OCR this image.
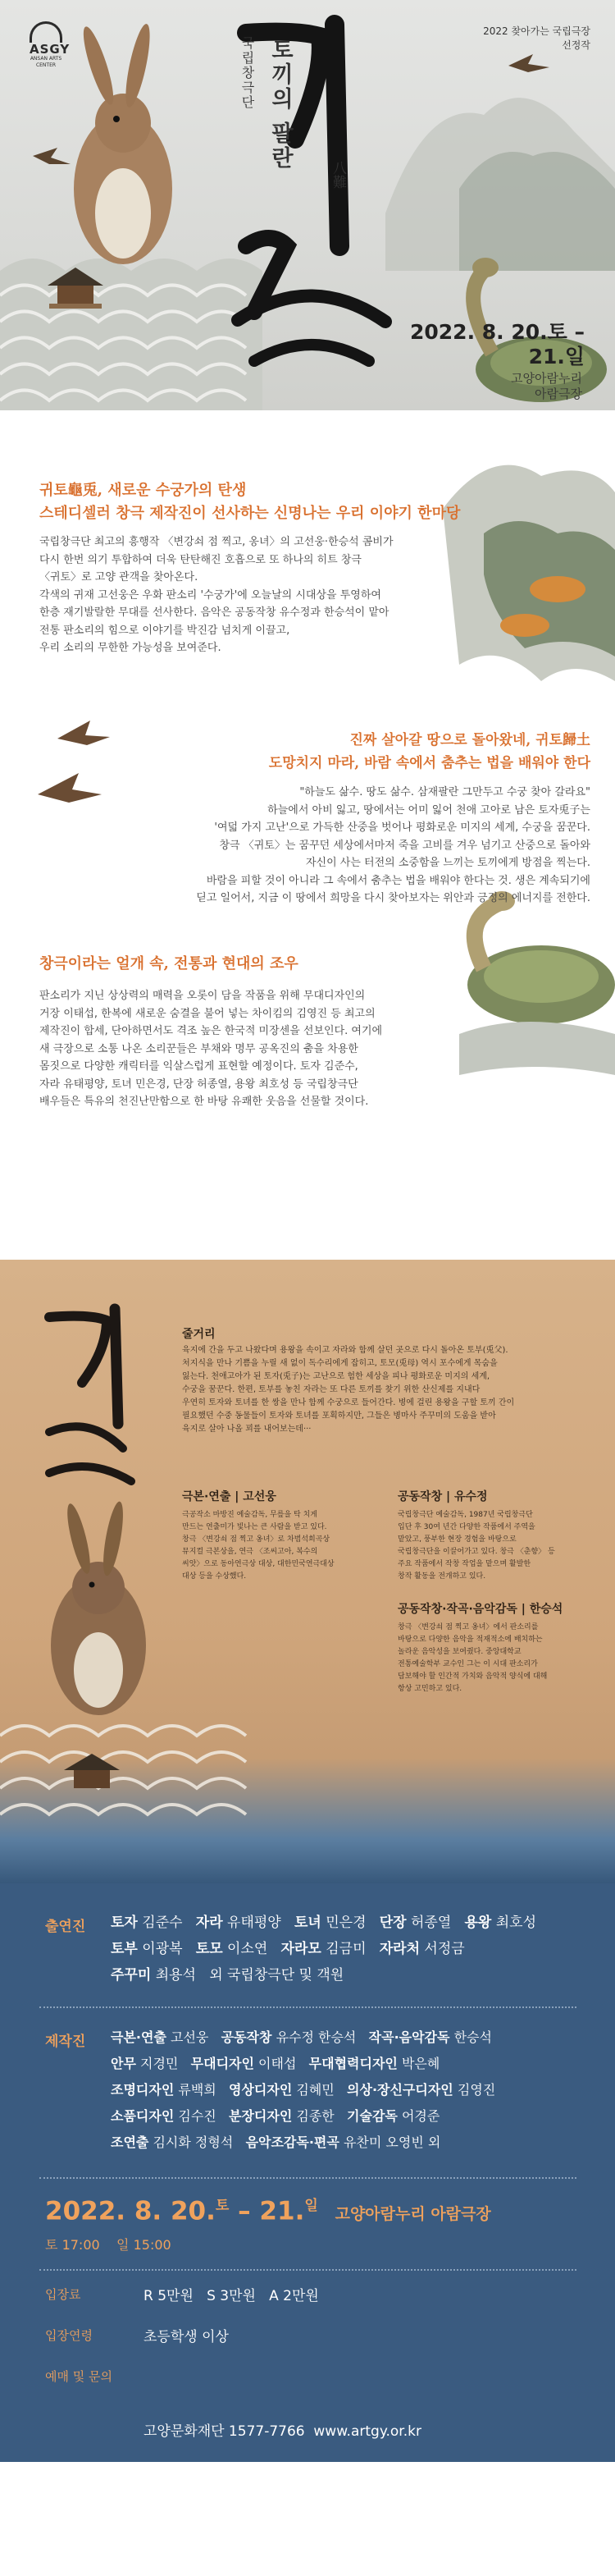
ASGY
ANSAN ARTS CENTER
2022 찾아가는 국립극장
선정작
국립창극단 토끼의 팔란
八難
2022. 8. 20.토 –
21.일
고양아람누리
아람극장
귀토龜兎, 새로운 수궁가의 탄생
스테디셀러 창극 제작진이 선사하는 신명나는 우리 이야기 한마당
국립창극단 최고의 흥행작 〈변강쇠 점 찍고, 옹녀〉의 고선웅·한승석 콤비가
다시 한번 의기 투합하여 더욱 탄탄해진 호흡으로 또 하나의 히트 창극
〈귀토〉로 고양 관객을 찾아온다.
각색의 귀재 고선웅은 우화 판소리 '수궁가'에 오늘날의 시대상을 투영하여
한층 재기발랄한 무대를 선사한다. 음악은 공동작창 유수정과 한승석이 맡아
전통 판소리의 힘으로 이야기를 박진감 넘치게 이끌고,
우리 소리의 무한한 가능성을 보여준다.
진짜 살아갈 땅으로 돌아왔네, 귀토歸土
도망치지 마라, 바람 속에서 춤추는 법을 배워야 한다
"하늘도 삶수. 땅도 삶수. 삼재팔란 그만두고 수궁 찾아 갈라요"
하늘에서 아비 잃고, 땅에서는 어미 잃어 천애 고아로 남은 토자兎子는
'여덟 가지 고난'으로 가득한 산중을 벗어나 평화로운 미지의 세계, 수궁을 꿈꾼다.
창극 〈귀토〉는 꿈꾸던 세상에서마저 죽을 고비를 겨우 넘기고 산중으로 돌아와
자신이 사는 터전의 소중함을 느끼는 토끼에게 방점을 찍는다.
바람을 피할 것이 아니라 그 속에서 춤추는 법을 배워야 한다는 것. 생은 계속되기에
딛고 일어서, 지금 이 땅에서 희망을 다시 찾아보자는 위안과 긍정의 에너지를 전한다.
창극이라는 얼개 속, 전통과 현대의 조우
판소리가 지닌 상상력의 매력을 오롯이 담을 작품을 위해 무대디자인의
거장 이태섭, 한복에 새로운 숨결을 불어 넣는 차이킴의 김영진 등 최고의
제작진이 합세, 단아하면서도 격조 높은 한국적 미장센을 선보인다. 여기에
새 극장으로 소통 나온 소리꾼들은 부채와 명무 공옥진의 춤을 차용한
몸짓으로 다양한 캐릭터를 익살스럽게 표현할 예정이다. 토자 김준수,
자라 유태평양, 토녀 민은경, 단장 허종열, 용왕 최호성 등 국립창극단
배우들은 특유의 천진난만함으로 한 바탕 유쾌한 웃음을 선물할 것이다.
줄거리
육지에 간을 두고 나왔다며 용왕을 속이고 자라와 함께 살던 곳으로 다시 돌아온 토부(兎父).
처지식을 만나 기쁨을 누릴 새 없이 독수리에게 잡히고, 토모(兎母) 역시 포수에게 목숨을
잃는다. 천애고아가 된 토자(兎子)는 고난으로 험한 세상을 피나 평화로운 미지의 세계,
수궁을 꿈꾼다. 한편, 토부를 놓친 자라는 또 다른 토끼를 찾기 위한 산신제를 지내다
우연히 토자와 토녀를 한 쌍을 만나 함께 수궁으로 들어간다. 병에 걸린 용왕을 구할 토끼 간이
필요했던 수중 동물들이 토자와 토녀를 포획하지만, 그들은 병마사 주꾸미의 도움을 받아
육지로 살아 나올 꾀를 내어보는데···
극본·연출 | 고선웅
극공작소 마방진 예술감독, 무릎을 탁 치게
만드는 연출미가 빛나는 큰 사람을 받고 있다.
창극 〈변강쇠 점 찍고 옹녀〉로 차범석희곡상
뮤지컬 극본상을, 연극 〈조씨고아, 복수의
씨앗〉으로 동아연극상 대상, 대한민국연극대상
대상 등을 수상했다.
공동작창 | 유수정
국립창극단 예술감독, 1987년 국립창극단
입단 후 30여 년간 다양한 작품에서 주역을
맡았고, 풍부한 현장 경험을 바탕으로
국립창극단을 이끌어가고 있다. 창극 〈춘향〉 등
주요 작품에서 작창 작업을 맡으며 활발한
창작 활동을 전개하고 있다.
공동작창·작곡·음악감독 | 한승석
창극 〈변강쇠 점 찍고 옹녀〉에서 판소리를
바탕으로 다양한 음악을 적재적소에 배치하는
놀라운 음악성을 보여줬다. 중앙대학교
전통예술학부 교수인 그는 이 시대 판소리가
담보해야 할 인간적 가치와 음악적 양식에 대해
항상 고민하고 있다.
출연진 토자 김준수 자라 유태평양 토녀 민은경 단장 허종열 용왕 최호성
토부 이광복 토모 이소연 자라모 김금미 자라처 서정금
주꾸미 최용석 외 국립창극단 및 객원
제작진 극본·연출 고선웅 공동작창 유수정 한승석 작곡·음악감독 한승석
안무 지경민 무대디자인 이태섭 무대협력디자인 박은혜
조명디자인 류백희 영상디자인 김혜민 의상·장신구디자인 김영진
소품디자인 김수진 분장디자인 김종한 기술감독 어경준
조연출 김시화 정형석 음악조감독·편곡 유찬미 오영빈 외
2022. 8. 20.$^토$ – 21.$^일$ 고양아람누리 아람극장
토 17:00 일 15:00
입장료	R 5만원   S 3만원   A 2만원
입장연령	초등학생 이상
예매 및 문의

고양문화재단 1577-7766  www.artgy.or.kr

인터파크티켓 1544-1555  ticket.interpark.com
